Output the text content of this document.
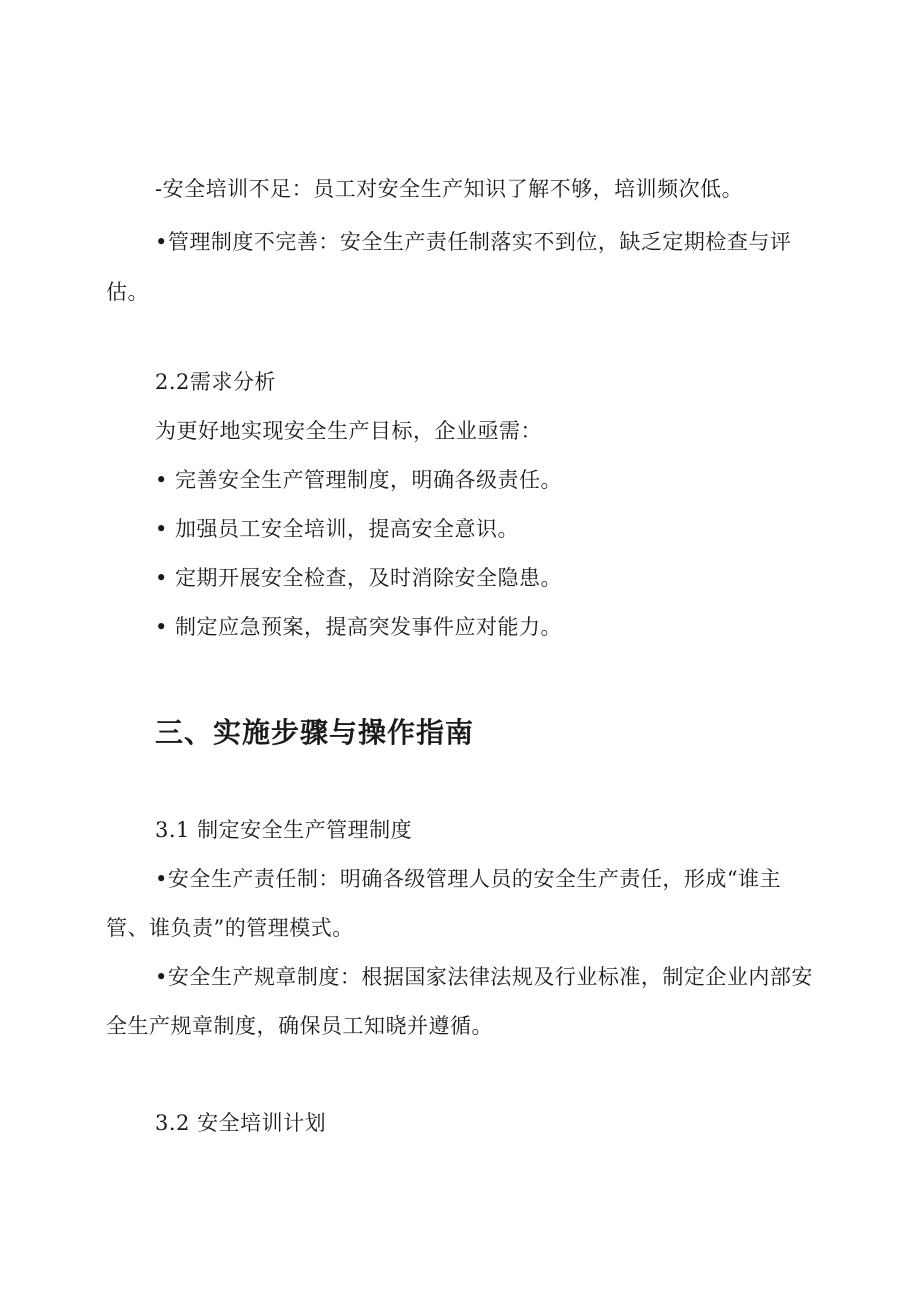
-安全培训不足：员工对安全生产知识了解不够，培训频次低。
•管理制度不完善：安全生产责任制落实不到位，缺乏定期检查与评
估。
2.2需求分析
为更好地实现安全生产目标，企业亟需：
• 完善安全生产管理制度，明确各级责任。
• 加强员工安全培训，提高安全意识。
• 定期开展安全检查，及时消除安全隐患。
• 制定应急预案，提高突发事件应对能力。
三、实施步骤与操作指南
3.1 制定安全生产管理制度
•安全生产责任制：明确各级管理人员的安全生产责任，形成“谁主
管、谁负责”的管理模式。
•安全生产规章制度：根据国家法律法规及行业标准，制定企业内部安
全生产规章制度，确保员工知晓并遵循。
3.2 安全培训计划
